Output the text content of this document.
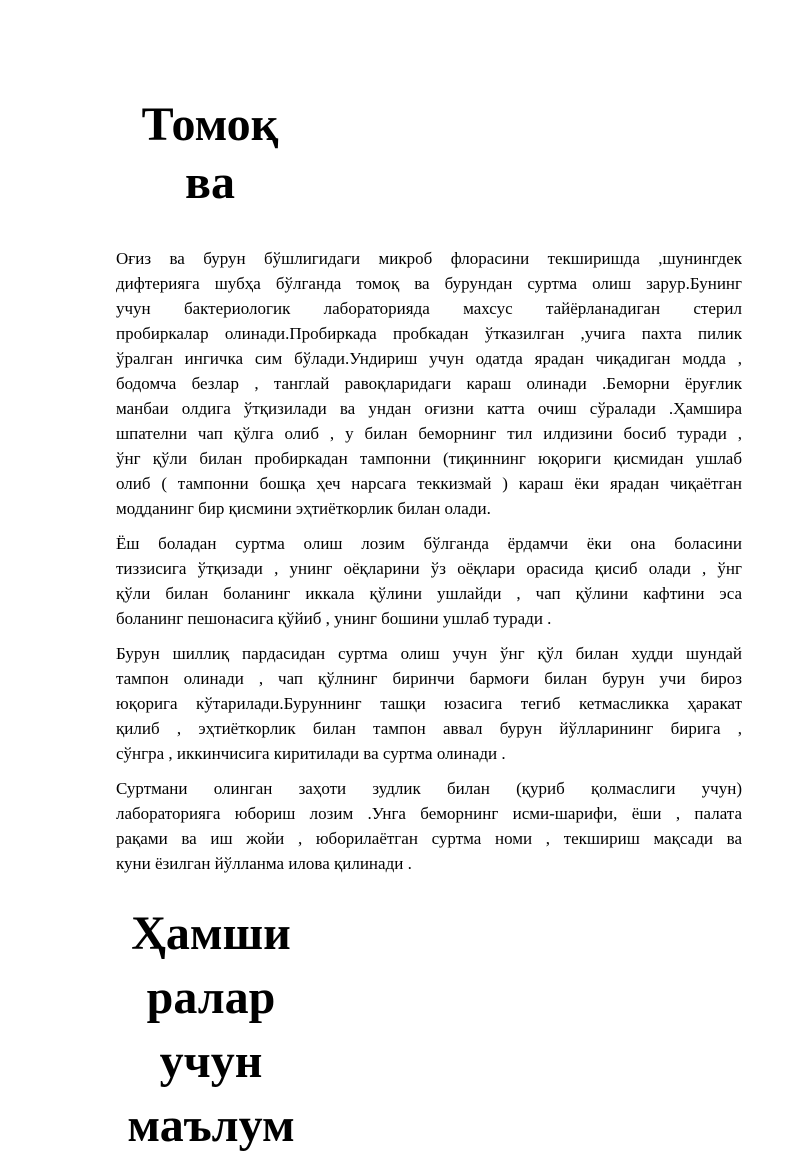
Томоқ
ва

Оғиз ва бурун бўшлигидаги микроб флорасини текширишда ,шунингдек
дифтерияга шубҳа бўлганда томоқ ва бурундан суртма олиш зарур.Бунинг
учун бактериологик лабораторияда махсус тайёрланадиган стерил
пробиркалар олинади.Пробиркада пробкадан ўтказилган ,учига пахта пилик
ўралган ингичка сим бўлади.Ундириш учун одатда ярадан чиқадиган модда ,
бодомча безлар , танглай равоқларидаги караш олинади .Беморни ёруғлик
манбаи олдига ўтқизилади ва ундан оғизни катта очиш сўралади .Ҳамшира
шпателни чап қўлга олиб , у билан беморнинг тил илдизини босиб туради ,
ўнг қўли билан пробиркадан тампонни (тиқиннинг юқориги қисмидан ушлаб
олиб ( тампонни бошқа ҳеч нарсага теккизмай ) караш ёки ярадан чиқаётган
модданинг бир қисмини эҳтиёткорлик билан олади.

Ёш боладан суртма олиш лозим бўлганда ёрдамчи ёки она боласини
тиззисига ўтқизади , унинг оёқларини ўз оёқлари орасида қисиб олади , ўнг
қўли билан боланинг иккала қўлини ушлайди , чап қўлини кафтини эса
боланинг пешонасига қўйиб , унинг бошини ушлаб туради .

Бурун шиллиқ пардасидан суртма олиш учун ўнг қўл билан худди шундай
тампон олинади , чап қўлнинг биринчи бармоғи билан бурун учи бироз
юқорига кўтарилади.Буруннинг ташқи юзасига тегиб кетмасликка ҳаракат
қилиб , эҳтиёткорлик билан тампон аввал бурун йўлларининг бирига ,
сўнгра , иккинчисига киритилади ва суртма олинади .

Суртмани олинган заҳоти зудлик билан (қуриб қолмаслиги учун)
лабораторияга юбориш лозим .Унга беморнинг исми-шарифи, ёши , палата
рақами ва иш жойи , юборилаётган суртма номи , текшириш мақсади ва
куни ёзилган йўлланма илова қилинади .

Ҳамши
ралар
учун
маълум
